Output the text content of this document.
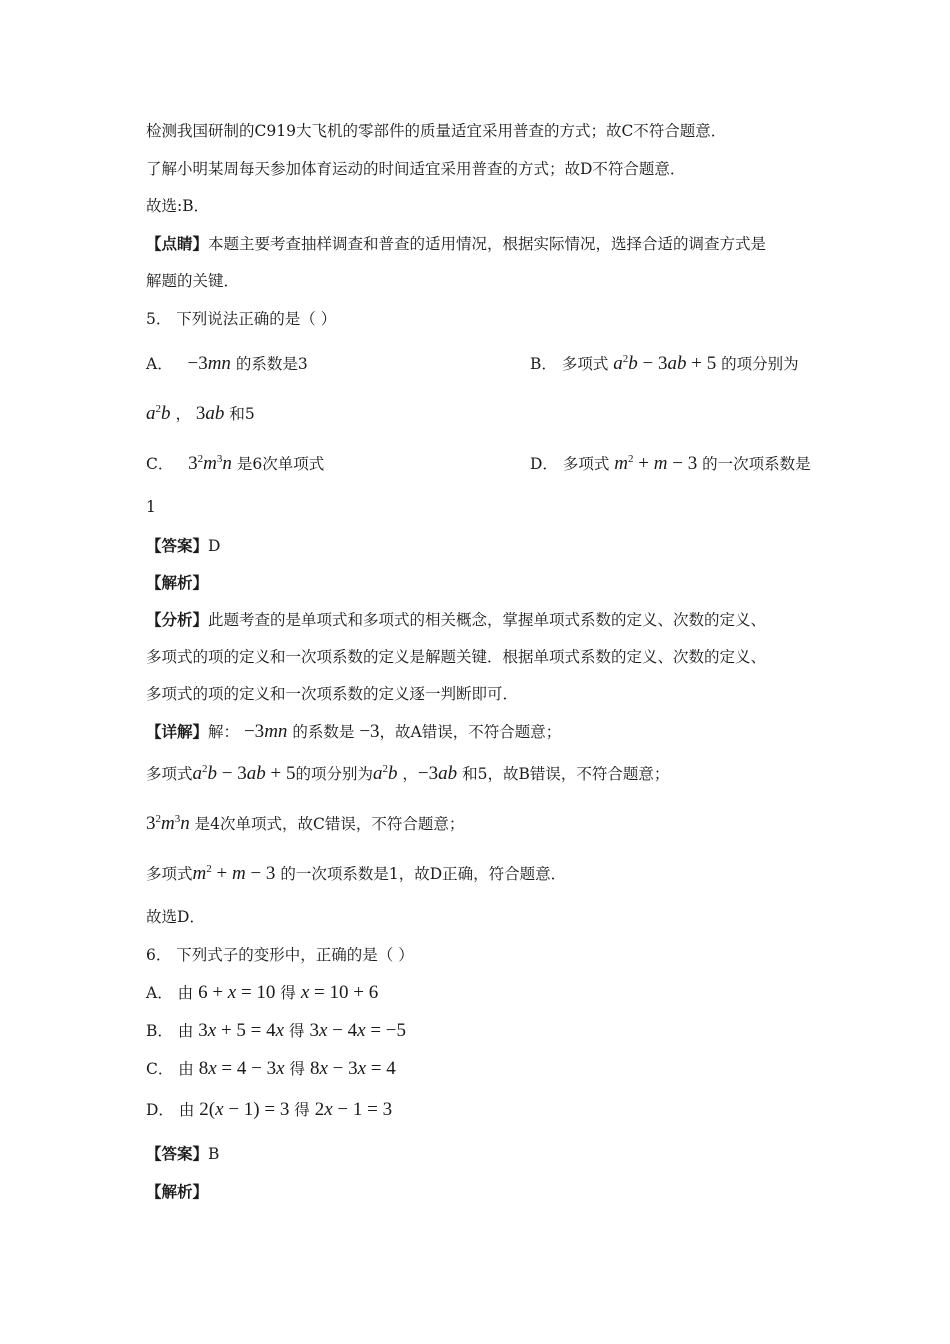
检测我国研制的C919大飞机的零部件的质量适宜采用普查的方式；故C不符合题意．
了解小明某周每天参加体育运动的时间适宜采用普查的方式；故D不符合题意．
故选:B．
【点睛】本题主要考查抽样调查和普查的适用情况，根据实际情况，选择合适的调查方式是
解题的关键．
5． 下列说法正确的是（ ）
A． −3mn 的系数是3	B． 多项式 $a^2b - 3ab + 5$ 的项分别为
$a^2b$ ， 3ab 和5
C． $3^2m^3n$ 是6次单项式	D． 多项式 $m^2 + m - 3$ 的一次项系数是
1
【答案】D
【解析】
【分析】此题考查的是单项式和多项式的相关概念，掌握单项式系数的定义、次数的定义、
多项式的项的定义和一次项系数的定义是解题关键．根据单项式系数的定义、次数的定义、
多项式的项的定义和一次项系数的定义逐一判断即可．
【详解】解： −3mn 的系数是 −3，故A错误，不符合题意；
多项式$a^2b - 3ab + 5$的项分别为$a^2b$ ，−3ab 和5，故B错误，不符合题意；
$3^2m^3n$ 是4次单项式，故C错误，不符合题意；
多项式$m^2 + m - 3$ 的一次项系数是1，故D正确，符合题意．
故选D．
6． 下列式子的变形中，正确的是（ ）
A． 由 6 + x = 10 得 x = 10 + 6
B． 由 3x + 5 = 4x 得 3x − 4x = −5
C． 由 8x = 4 − 3x 得 8x − 3x = 4
D． 由 2(x − 1) = 3 得 2x − 1 = 3
【答案】B
【解析】
